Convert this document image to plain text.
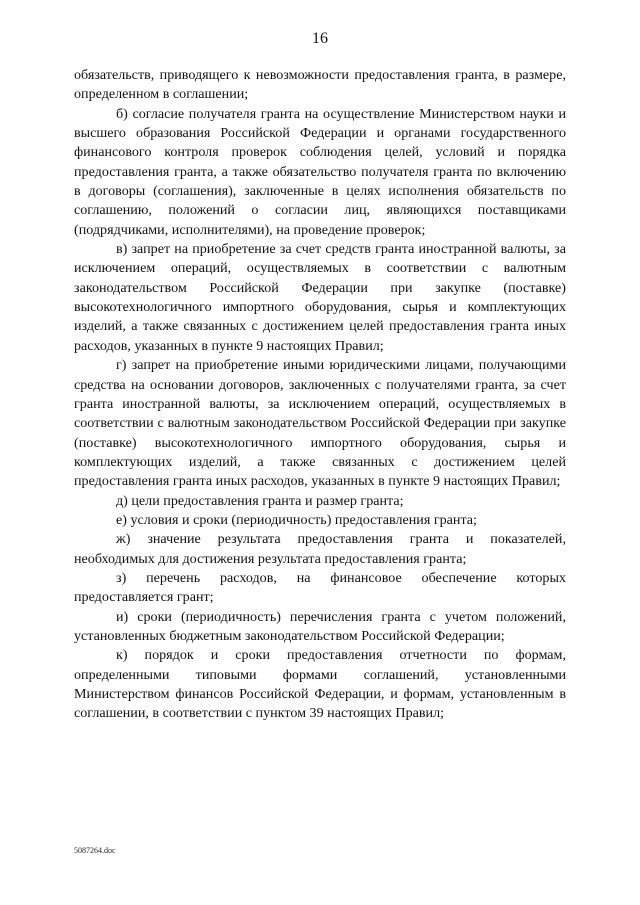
16

обязательств, приводящего к невозможности предоставления гранта, в размере, определенном в соглашении;

б) согласие получателя гранта на осуществление Министерством науки и высшего образования Российской Федерации и органами государственного финансового контроля проверок соблюдения целей, условий и порядка предоставления гранта, а также обязательство получателя гранта по включению в договоры (соглашения), заключенные в целях исполнения обязательств по соглашению, положений о согласии лиц, являющихся поставщиками (подрядчиками, исполнителями), на проведение проверок;

в) запрет на приобретение за счет средств гранта иностранной валюты, за исключением операций, осуществляемых в соответствии с валютным законодательством Российской Федерации при закупке (поставке) высокотехнологичного импортного оборудования, сырья и комплектующих изделий, а также связанных с достижением целей предоставления гранта иных расходов, указанных в пункте 9 настоящих Правил;

г) запрет на приобретение иными юридическими лицами, получающими средства на основании договоров, заключенных с получателями гранта, за счет гранта иностранной валюты, за исключением операций, осуществляемых в соответствии с валютным законодательством Российской Федерации при закупке (поставке) высокотехнологичного импортного оборудования, сырья и комплектующих изделий, а также связанных с достижением целей предоставления гранта иных расходов, указанных в пункте 9 настоящих Правил;

д) цели предоставления гранта и размер гранта;

е) условия и сроки (периодичность) предоставления гранта;

ж) значение результата предоставления гранта и показателей, необходимых для достижения результата предоставления гранта;

з) перечень расходов, на финансовое обеспечение которых предоставляется грант;

и) сроки (периодичность) перечисления гранта с учетом положений, установленных бюджетным законодательством Российской Федерации;

к) порядок и сроки предоставления отчетности по формам, определенными типовыми формами соглашений, установленными Министерством финансов Российской Федерации, и формам, установленным в соглашении, в соответствии с пунктом 39 настоящих Правил;

5087264.doc
